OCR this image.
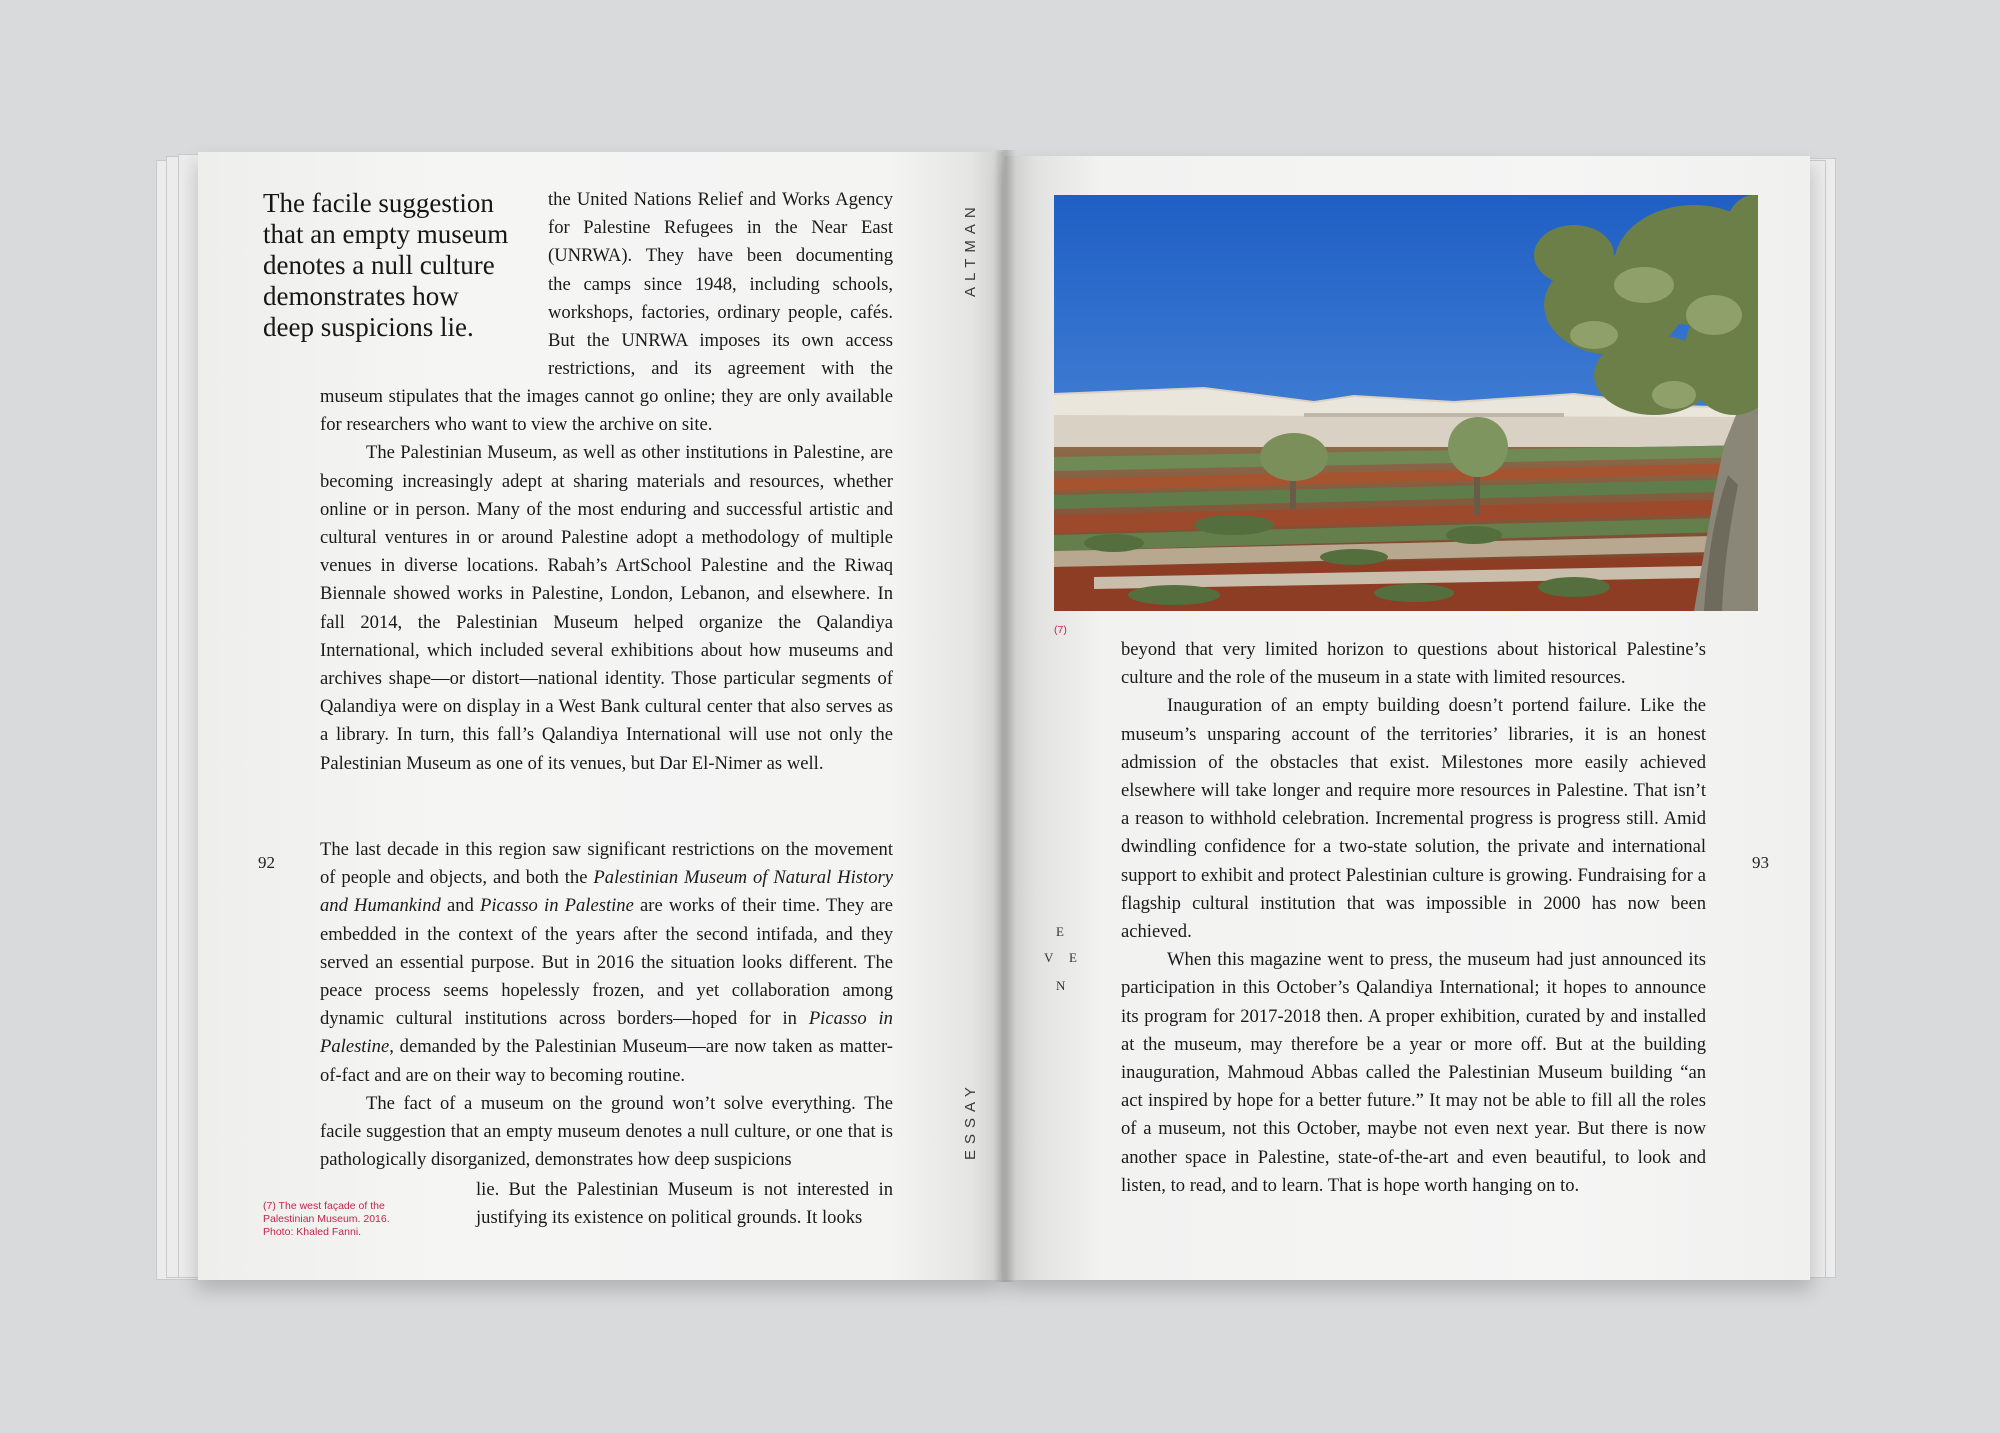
The facile suggestion
that an empty museum
denotes a null culture
demonstrates how
deep suspicions lie.
the United Nations Relief and Works Agency
for Palestine Refugees in the Near East
(UNRWA). They have been documenting
the camps since 1948, including schools,
workshops, factories, ordinary people, cafés.
But the UNRWA imposes its own access
restrictions, and its agreement with the

museum stipulates that the images cannot go online; they are only available for researchers who want to view the archive on site.

The Palestinian Museum, as well as other institutions in Palestine, are becoming increasingly adept at sharing materials and resources, whether online or in person. Many of the most enduring and successful artistic and cultural ventures in or around Palestine adopt a methodology of multiple venues in diverse locations. Rabah’s ArtSchool Palestine and the Riwaq Biennale showed works in Palestine, London, Lebanon, and elsewhere. In fall 2014, the Palestinian Museum helped organize the Qalandiya International, which included several exhibitions about how museums and archives shape—or distort—national identity. Those particular segments of Qalandiya were on display in a West Bank cultural center that also serves as a library. In turn, this fall’s Qalandiya International will use not only the Palestinian Museum as one of its venues, but Dar El-Nimer as well.

The last decade in this region saw significant restrictions on the movement of people and objects, and both the Palestinian Museum of Natural History and Humankind and Picasso in Palestine are works of their time. They are embedded in the context of the years after the second intifada, and they served an essential purpose. But in 2016 the situation looks different. The peace process seems hopelessly frozen, and yet collaboration among dynamic cultural institutions across borders—hoped for in Picasso in Palestine, demanded by the Palestinian Museum—are now taken as matter-of-fact and are on their way to becoming routine.

The fact of a museum on the ground won’t solve everything. The facile suggestion that an empty museum denotes a null culture, or one that is pathologically disorganized, demonstrates how deep suspicions

lie. But the Palestinian Museum is not interested in justifying its existence on political grounds. It looks

(7) The west façade of the
Palestinian Museum. 2016.
Photo: Khaled Fanni.
92
ALTMAN
ESSAY
(7)

beyond that very limited horizon to questions about historical Palestine’s culture and the role of the museum in a state with limited resources.

Inauguration of an empty building doesn’t portend failure. Like the museum’s unsparing account of the territories’ libraries, it is an honest admission of the obstacles that exist. Milestones more easily achieved elsewhere will take longer and require more resources in Palestine. That isn’t a reason to withhold celebration. Incremental progress is progress still. Amid dwindling confidence for a two-state solution, the private and international support to exhibit and protect Palestinian culture is growing. Fundraising for a flagship cultural institution that was impossible in 2000 has now been achieved.

When this magazine went to press, the museum had just announced its participation in this October’s Qalandiya International; it hopes to announce its program for 2017-2018 then. A proper exhibition, curated by and installed at the museum, may therefore be a year or more off. But at the building inauguration, Mahmoud Abbas called the Palestinian Museum building “an act inspired by hope for a better future.” It may not be able to fill all the roles of a museum, not this October, maybe not even next year. But there is now another space in Palestine, state-of-the-art and even beautiful, to look and listen, to read, and to learn. That is hope worth hanging on to.

93
E
V E
N
